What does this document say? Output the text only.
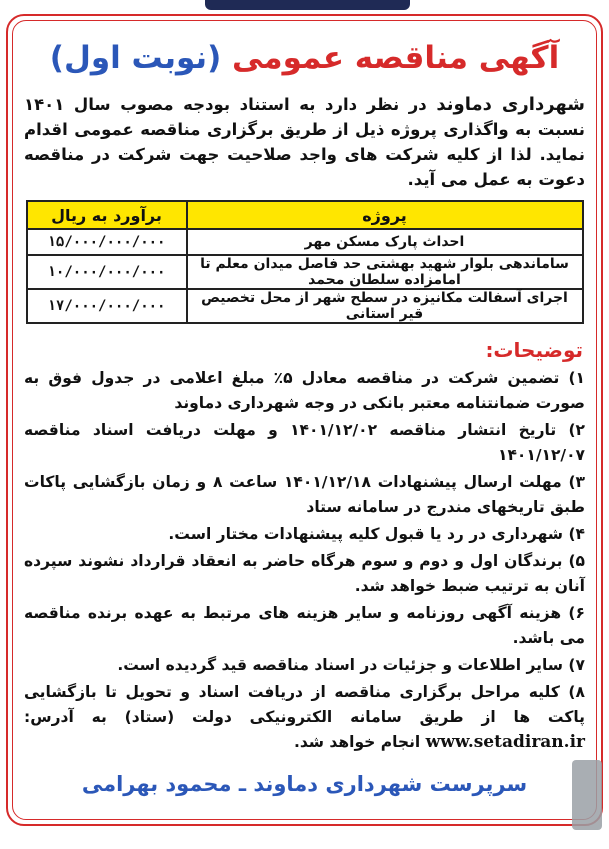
آگهی مناقصه عمومی (نوبت اول)
شهرداری دماوند در نظر دارد به استناد بودجه مصوب سال ۱۴۰۱ نسبت به واگذاری پروژه ذیل از طریق برگزاری مناقصه عمومی اقدام نماید. لذا از کلیه شرکت های واجد صلاحیت جهت شرکت در مناقصه دعوت به عمل می آید.
پروژه	برآورد به ریال
احداث پارک مسکن مهر	۱۵/۰۰۰/۰۰۰/۰۰۰
ساماندهی بلوار شهید بهشتی حد فاصل میدان معلم تا امامزاده سلطان محمد	۱۰/۰۰۰/۰۰۰/۰۰۰
اجرای آسفالت مکانیزه در سطح شهر از محل تخصیص قیر استانی	۱۷/۰۰۰/۰۰۰/۰۰۰
توضیحات:
۱) تضمین شرکت در مناقصه معادل ۵٪ مبلغ اعلامی در جدول فوق به صورت ضمانتنامه معتبر بانکی در وجه شهرداری دماوند
۲) تاریخ انتشار مناقصه ۱۴۰۱/۱۲/۰۲ و مهلت دریافت اسناد مناقصه ۱۴۰۱/۱۲/۰۷
۳) مهلت ارسال پیشنهادات ۱۴۰۱/۱۲/۱۸ ساعت ۸ و زمان بازگشایی پاکات طبق تاریخهای مندرج در سامانه ستاد
۴) شهرداری در رد یا قبول کلیه پیشنهادات مختار است.
۵) برندگان اول و دوم و سوم هرگاه حاضر به انعقاد قرارداد نشوند سپرده آنان به ترتیب ضبط خواهد شد.
۶) هزینه آگهی روزنامه و سایر هزینه های مرتبط به عهده برنده مناقصه می باشد.
۷) سایر اطلاعات و جزئیات در اسناد مناقصه قید گردیده است.
۸) کلیه مراحل برگزاری مناقصه از دریافت اسناد و تحویل تا بازگشایی پاکت ها از طریق سامانه الکترونیکی دولت (ستاد) به آدرس: www.setadiran.ir انجام خواهد شد.
سرپرست شهرداری دماوند ـ محمود بهرامی
